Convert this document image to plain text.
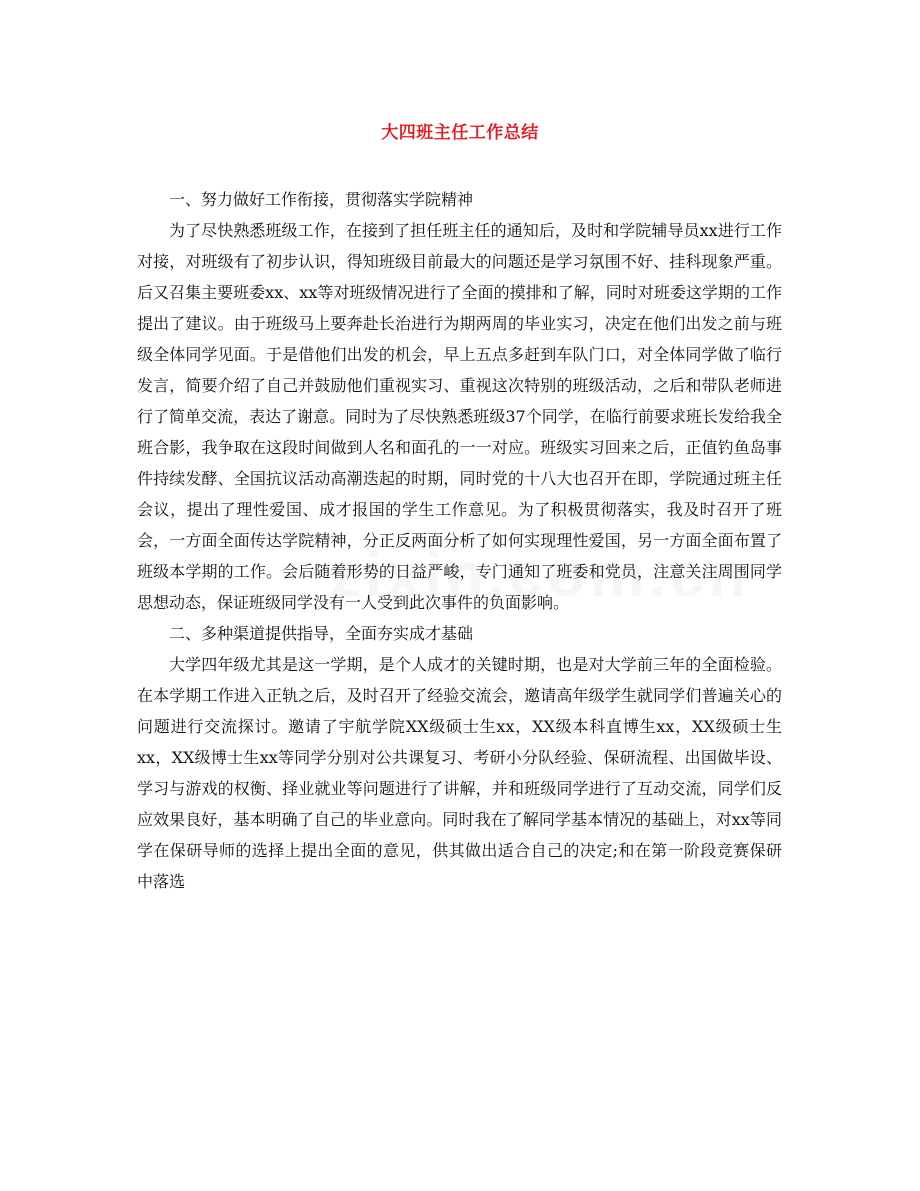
大四班主任工作总结

一、努力做好工作衔接，贯彻落实学院精神

为了尽快熟悉班级工作，在接到了担任班主任的通知后，及时和学院辅导员xx进行工作对接，对班级有了初步认识，得知班级目前最大的问题还是学习氛围不好、挂科现象严重。后又召集主要班委xx、xx等对班级情况进行了全面的摸排和了解，同时对班委这学期的工作提出了建议。由于班级马上要奔赴长治进行为期两周的毕业实习，决定在他们出发之前与班级全体同学见面。于是借他们出发的机会，早上五点多赶到车队门口，对全体同学做了临行发言，简要介绍了自己并鼓励他们重视实习、重视这次特别的班级活动，之后和带队老师进行了简单交流，表达了谢意。同时为了尽快熟悉班级37个同学，在临行前要求班长发给我全班合影，我争取在这段时间做到人名和面孔的一一对应。班级实习回来之后，正值钓鱼岛事件持续发酵、全国抗议活动高潮迭起的时期，同时党的十八大也召开在即，学院通过班主任会议，提出了理性爱国、成才报国的学生工作意见。为了积极贯彻落实，我及时召开了班会，一方面全面传达学院精神，分正反两面分析了如何实现理性爱国，另一方面全面布置了班级本学期的工作。会后随着形势的日益严峻，专门通知了班委和党员，注意关注周围同学思想动态，保证班级同学没有一人受到此次事件的负面影响。

二、多种渠道提供指导，全面夯实成才基础

大学四年级尤其是这一学期，是个人成才的关键时期，也是对大学前三年的全面检验。在本学期工作进入正轨之后，及时召开了经验交流会，邀请高年级学生就同学们普遍关心的问题进行交流探讨。邀请了宇航学院XX级硕士生xx，XX级本科直博生xx，XX级硕士生xx，XX级博士生xx等同学分别对公共课复习、考研小分队经验、保研流程、出国做毕设、学习与游戏的权衡、择业就业等问题进行了讲解，并和班级同学进行了互动交流，同学们反应效果良好，基本明确了自己的毕业意向。同时我在了解同学基本情况的基础上，对xx等同学在保研导师的选择上提出全面的意见，供其做出适合自己的决定;和在第一阶段竞赛保研中落选
